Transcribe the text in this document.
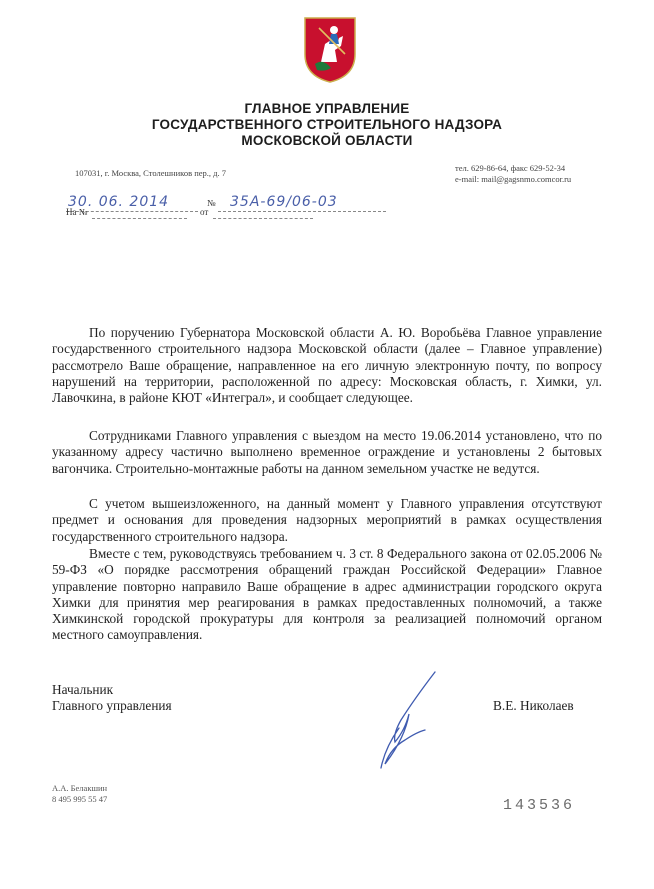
ГЛАВНОЕ УПРАВЛЕНИЕ
ГОСУДАРСТВЕННОГО СТРОИТЕЛЬНОГО НАДЗОРА
МОСКОВСКОЙ ОБЛАСТИ
107031, г. Москва, Столешников пер., д. 7	тел. 629-86-64, факс 629-52-34
e-mail: mail@gagsnmo.comcor.ru
30. 06. 2014	№ 35А-69/06-03
На №	от

По поручению Губернатора Московской области А. Ю. Воробьёва Главное управление государственного строительного надзора Московской области (далее – Главное управление) рассмотрело Ваше обращение, направленное на его личную электронную почту, по вопросу нарушений на территории, расположенной по адресу: Московская область, г. Химки, ул. Лавочкина, в районе КЮТ «Интеграл», и сообщает следующее.

Сотрудниками Главного управления с выездом на место 19.06.2014 установлено, что по указанному адресу частично выполнено временное ограждение и установлены 2 бытовых вагончика. Строительно-монтажные работы на данном земельном участке не ведутся.

С учетом вышеизложенного, на данный момент у Главного управления отсутствуют предмет и основания для проведения надзорных мероприятий в рамках осуществления государственного строительного надзора.

Вместе с тем, руководствуясь требованием ч. 3 ст. 8 Федерального закона от 02.05.2006 № 59-ФЗ «О порядке рассмотрения обращений граждан Российской Федерации» Главное управление повторно направило Ваше обращение в адрес администрации городского округа Химки для принятия мер реагирования в рамках предоставленных полномочий, а также Химкинской городской прокуратуры для контроля за реализацией полномочий органом местного самоуправления.

Начальник
Главного управления	В.Е. Николаев
А.А. Белакшин
8 495 995 55 47	143536
